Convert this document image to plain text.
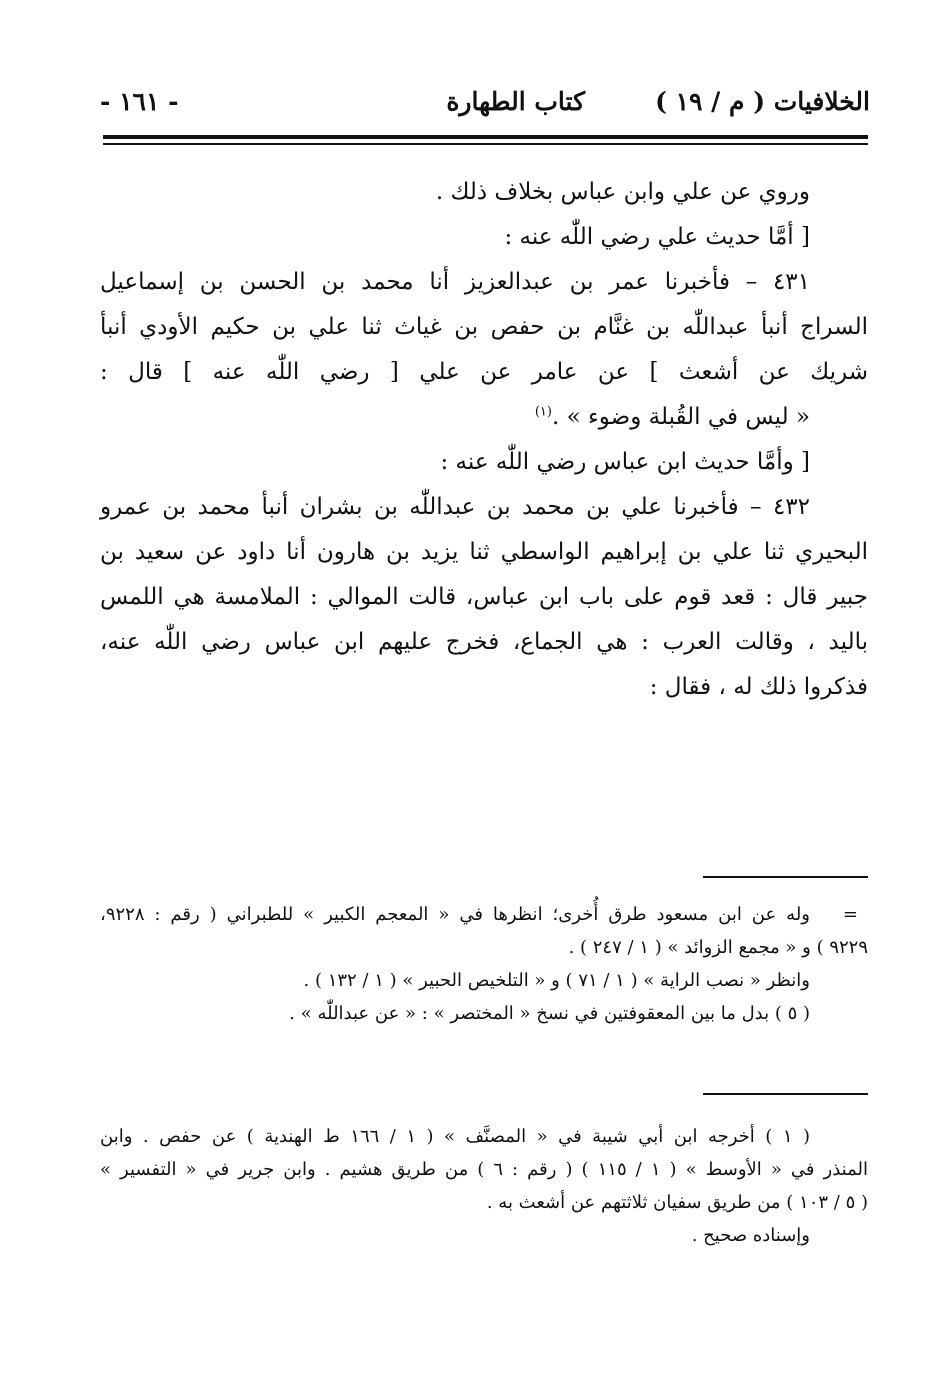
الخلافيات ( م / ١٩ )
كتاب الطهارة
- ١٦١ -

وروي عن علي وابن عباس بخلاف ذلك .

[ أمَّا حديث علي رضي اللّٰه عنه :

٤٣١ – فأخبرنا عمر بن عبدالعزيز أنا محمد بن الحسن بن إسماعيل

السراج أنبأ عبداللّٰه بن غنَّام بن حفص بن غياث ثنا علي بن حكيم الأودي أنبأ

شريك عن أشعث ] عن عامر عن علي [ رضي اللّٰه عنه ] قال :

« ليس في القُبلة وضوء » .$^{(١)}$

[ وأمَّا حديث ابن عباس رضي اللّٰه عنه :

٤٣٢ – فأخبرنا علي بن محمد بن عبداللّٰه بن بشران أنبأ محمد بن عمرو

البحيري ثنا علي بن إبراهيم الواسطي ثنا يزيد بن هارون أنا داود عن سعيد بن

جبير قال : قعد قوم على باب ابن عباس، قالت الموالي : الملامسة هي اللمس

باليد ، وقالت العرب : هي الجماع، فخرج عليهم ابن عباس رضي اللّٰه عنه،

فذكروا ذلك له ، فقال :

=وله عن ابن مسعود طرق أُخرى؛ انظرها في « المعجم الكبير » للطبراني ( رقم : ٩٢٢٨،

٩٢٢٩ ) و « مجمع الزوائد » ( ١ / ٢٤٧ ) .

وانظر « نصب الراية » ( ١ / ٧١ ) و « التلخيص الحبير » ( ١ / ١٣٢ ) .

( ٥ ) بدل ما بين المعقوفتين في نسخ « المختصر » : « عن عبداللّٰه » .

( ١ ) أخرجه ابن أبي شيبة في « المصنَّف » ( ١ / ١٦٦ ط الهندية ) عن حفص . وابن

المنذر في « الأوسط » ( ١ / ١١٥ ) ( رقم : ٦ ) من طريق هشيم . وابن جرير في « التفسير »

( ٥ / ١٠٣ ) من طريق سفيان ثلاثتهم عن أشعث به .

وإسناده صحيح .
